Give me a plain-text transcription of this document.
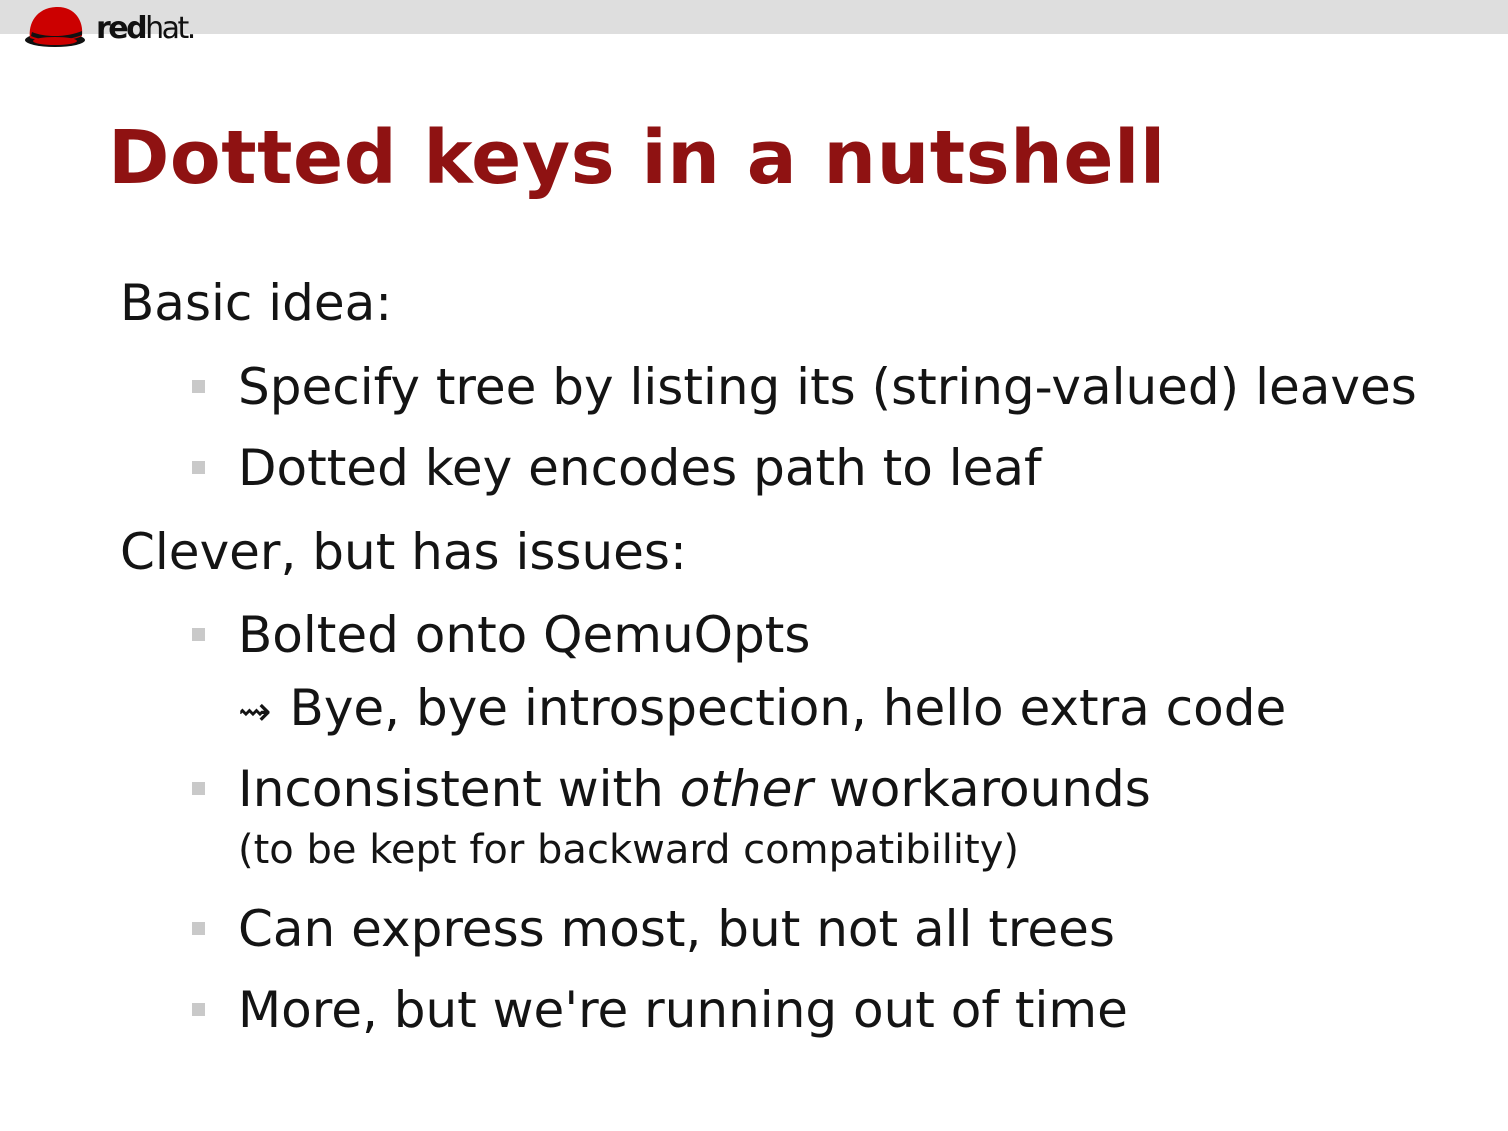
redhat.
Dotted keys in a nutshell
Basic idea:
Specify tree by listing its (string-valued) leaves
Dotted key encodes path to leaf
Clever, but has issues:
Bolted onto QemuOpts
⇝ Bye, bye introspection, hello extra code
Inconsistent with other workarounds
(to be kept for backward compatibility)
Can express most, but not all trees
More, but we're running out of time
